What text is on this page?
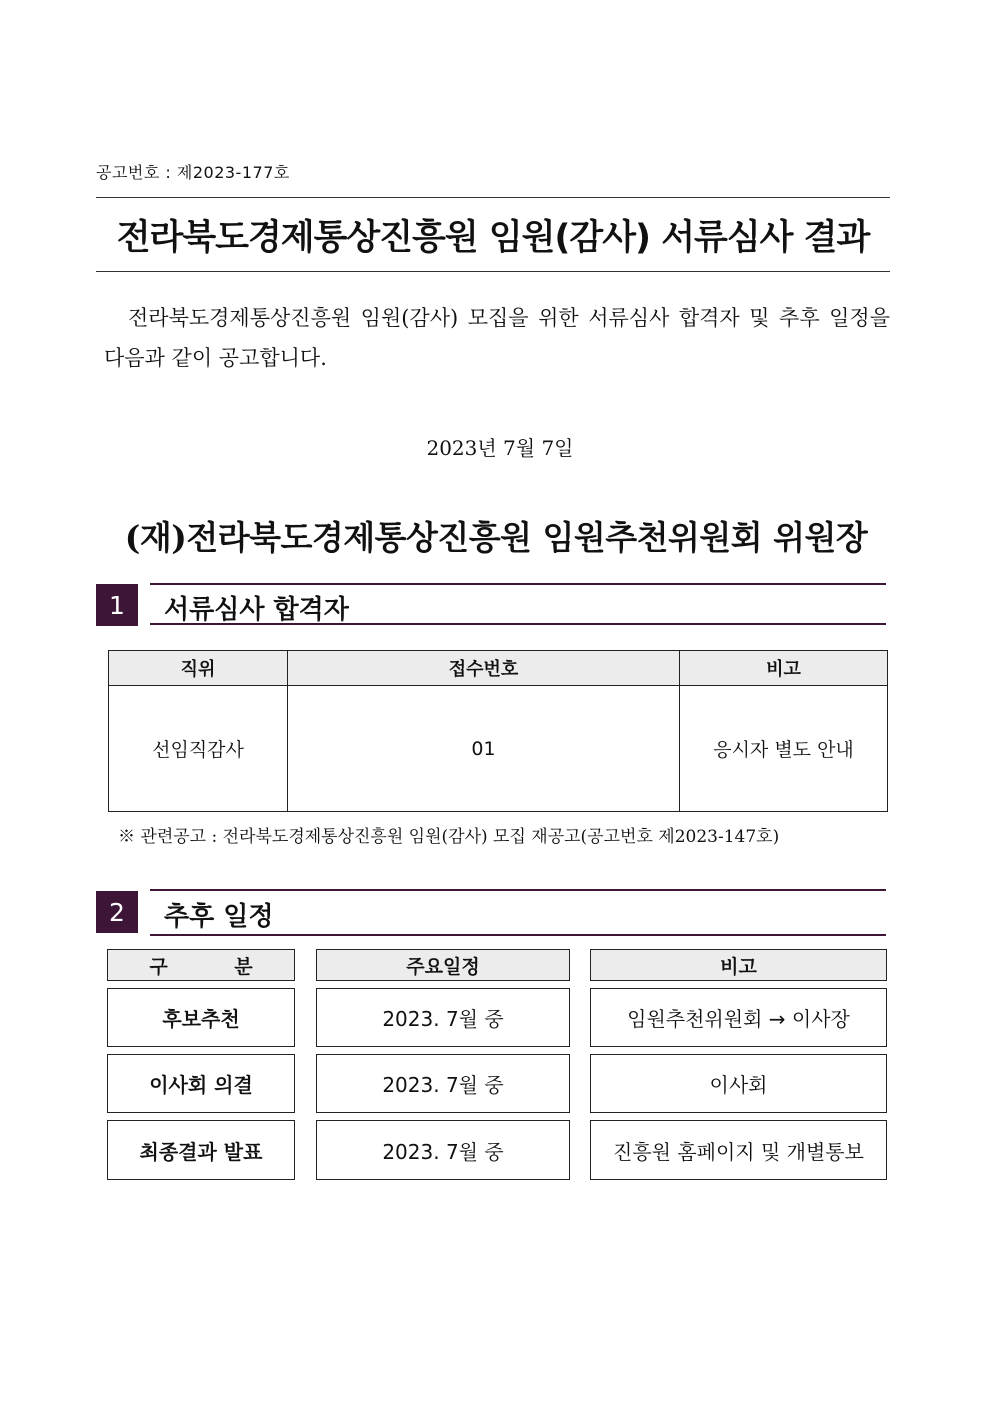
공고번호 : 제2023-177호
전라북도경제통상진흥원 임원(감사) 서류심사 결과
전라북도경제통상진흥원 임원(감사) 모집을 위한 서류심사 합격자 및 추후 일정을 다음과 같이 공고합니다.
2023년 7월 7일
(재)전라북도경제통상진흥원 임원추천위원회 위원장
1	서류심사 합격자
직위	접수번호	비고
선임직감사	01	응시자 별도 안내
※ 관련공고 : 전라북도경제통상진흥원 임원(감사) 모집 재공고(공고번호 제2023-147호)
2	추후 일정
구 분	주요일정	비고
후보추천	2023. 7월 중	임원추천위원회 → 이사장
이사회 의결	2023. 7월 중	이사회
최종결과 발표	2023. 7월 중	진흥원 홈페이지 및 개별통보
